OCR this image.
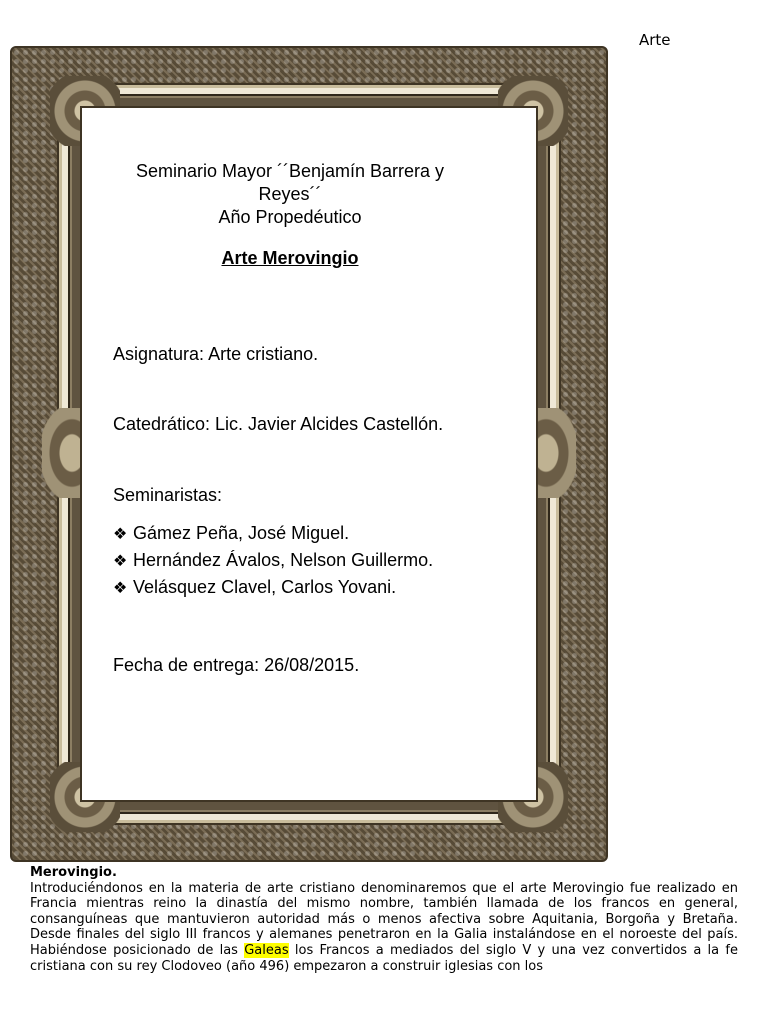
Arte
Seminario Mayor ´´Benjamín Barrera y
Reyes´´
Año Propedéutico
Arte Merovingio
Asignatura: Arte cristiano.
Catedrático: Lic. Javier Alcides Castellón.
Seminaristas:
❖ Gámez Peña, José Miguel.
❖ Hernández Ávalos, Nelson Guillermo.
❖ Velásquez Clavel, Carlos Yovani.
Fecha de entrega: 26/08/2015.
Merovingio.

Introduciéndonos en la materia de arte cristiano denominaremos que el arte Merovingio fue realizado en Francia mientras reino la dinastía del mismo nombre, también llamada de los francos en general, consanguíneas que mantuvieron autoridad más o menos afectiva sobre Aquitania, Borgoña y Bretaña. Desde finales del siglo III francos y alemanes penetraron en la Galia instalándose en el noroeste del país. Habiéndose posicionado de las Galeas los Francos a mediados del siglo V y una vez convertidos a la fe cristiana con su rey Clodoveo (año 496) empezaron a construir iglesias con los
